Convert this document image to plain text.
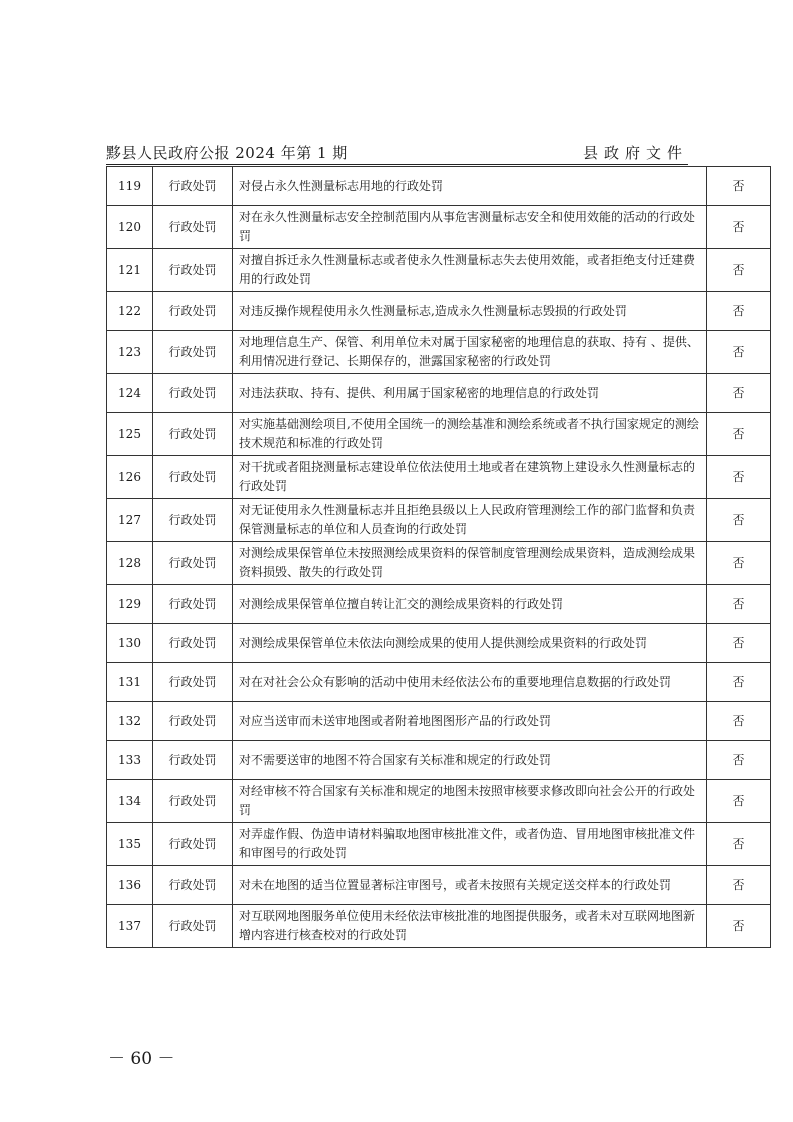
黟县人民政府公报 2024 年第 1 期	县政府文件
119	行政处罚	对侵占永久性测量标志用地的行政处罚	否
120	行政处罚	对在永久性测量标志安全控制范围内从事危害测量标志安全和使用效能的活动的行政处罚	否
121	行政处罚	对擅自拆迁永久性测量标志或者使永久性测量标志失去使用效能，或者拒绝支付迁建费用的行政处罚	否
122	行政处罚	对违反操作规程使用永久性测量标志,造成永久性测量标志毁损的行政处罚	否
123	行政处罚	对地理信息生产、保管、利用单位未对属于国家秘密的地理信息的获取、持有 、提供、利用情况进行登记、长期保存的，泄露国家秘密的行政处罚	否
124	行政处罚	对违法获取、持有、提供、利用属于国家秘密的地理信息的行政处罚	否
125	行政处罚	对实施基础测绘项目,不使用全国统一的测绘基准和测绘系统或者不执行国家规定的测绘技术规范和标准的行政处罚	否
126	行政处罚	对干扰或者阻挠测量标志建设单位依法使用土地或者在建筑物上建设永久性测量标志的行政处罚	否
127	行政处罚	对无证使用永久性测量标志并且拒绝县级以上人民政府管理测绘工作的部门监督和负责保管测量标志的单位和人员查询的行政处罚	否
128	行政处罚	对测绘成果保管单位未按照测绘成果资料的保管制度管理测绘成果资料，造成测绘成果资料损毁、散失的行政处罚	否
129	行政处罚	对测绘成果保管单位擅自转让汇交的测绘成果资料的行政处罚	否
130	行政处罚	对测绘成果保管单位未依法向测绘成果的使用人提供测绘成果资料的行政处罚	否
131	行政处罚	对在对社会公众有影响的活动中使用未经依法公布的重要地理信息数据的行政处罚	否
132	行政处罚	对应当送审而未送审地图或者附着地图图形产品的行政处罚	否
133	行政处罚	对不需要送审的地图不符合国家有关标准和规定的行政处罚	否
134	行政处罚	对经审核不符合国家有关标准和规定的地图未按照审核要求修改即向社会公开的行政处罚	否
135	行政处罚	对弄虚作假、伪造申请材料骗取地图审核批准文件，或者伪造、冒用地图审核批准文件和审图号的行政处罚	否
136	行政处罚	对未在地图的适当位置显著标注审图号，或者未按照有关规定送交样本的行政处罚	否
137	行政处罚	对互联网地图服务单位使用未经依法审核批准的地图提供服务，或者未对互联网地图新增内容进行核查校对的行政处罚	否
－ 60 －
